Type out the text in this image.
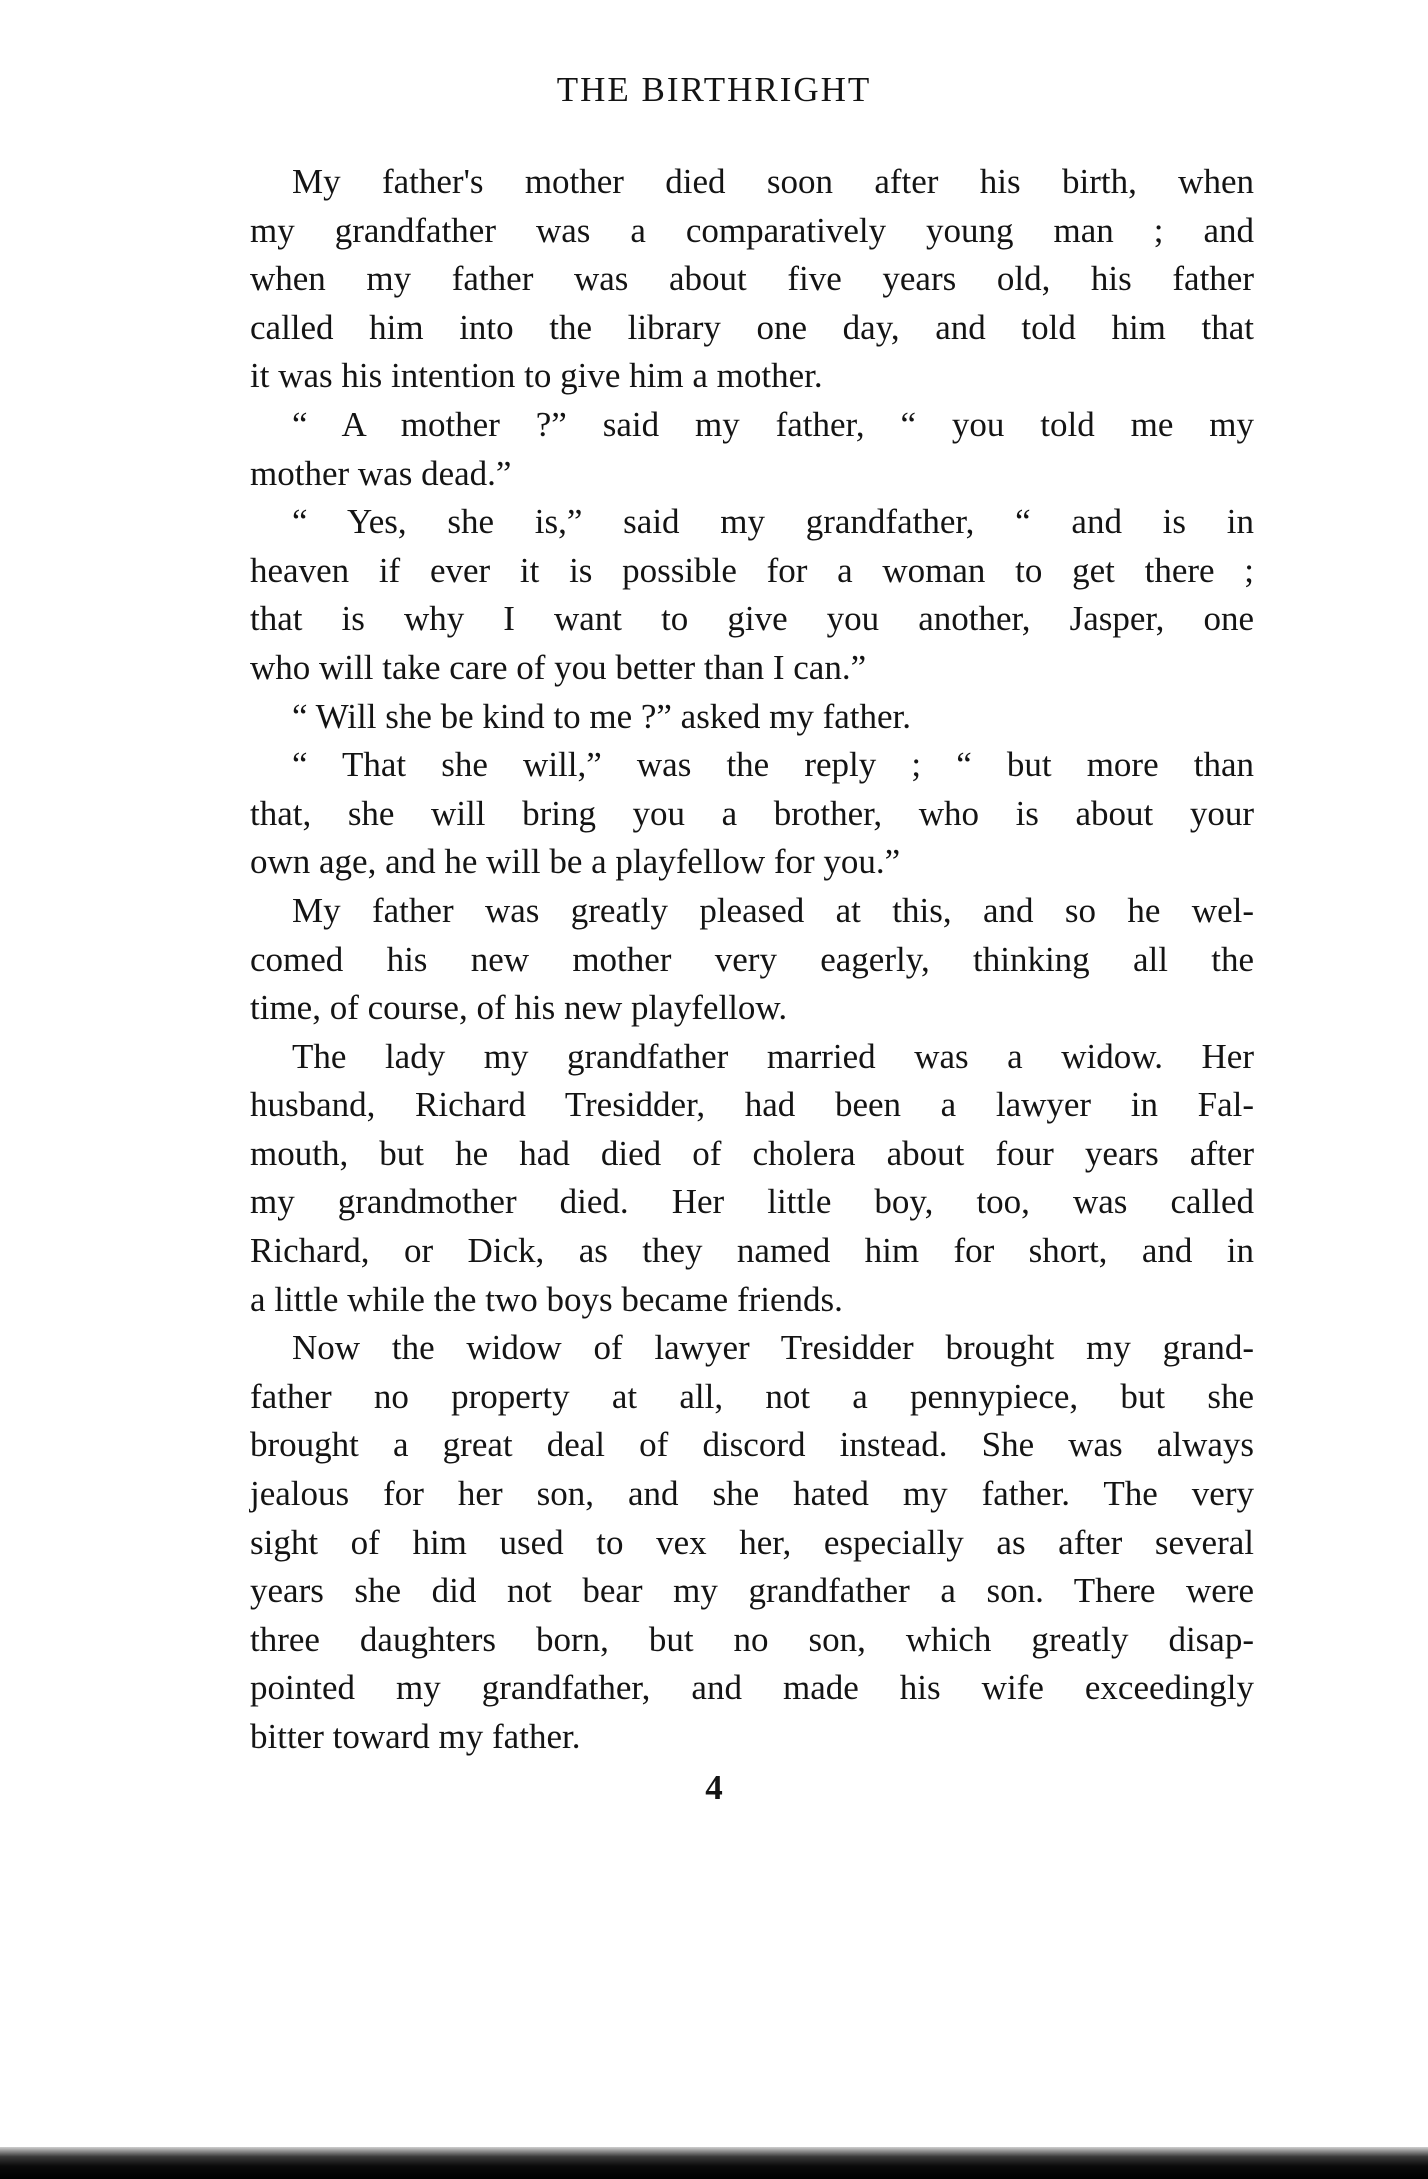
THE BIRTHRIGHT
My father's mother died soon after his birth, when
my grandfather was a comparatively young man ; and
when my father was about five years old, his father
called him into the library one day, and told him that
it was his intention to give him a mother.
“ A mother ?” said my father, “ you told me my
mother was dead.”
“ Yes, she is,” said my grandfather, “ and is in
heaven if ever it is possible for a woman to get there ;
that is why I want to give you another, Jasper, one
who will take care of you better than I can.”
“ Will she be kind to me ?” asked my father.
“ That she will,” was the reply ; “ but more than
that, she will bring you a brother, who is about your
own age, and he will be a playfellow for you.”
My father was greatly pleased at this, and so he wel-
comed his new mother very eagerly, thinking all the
time, of course, of his new playfellow.
The lady my grandfather married was a widow. Her
husband, Richard Tresidder, had been a lawyer in Fal-
mouth, but he had died of cholera about four years after
my grandmother died. Her little boy, too, was called
Richard, or Dick, as they named him for short, and in
a little while the two boys became friends.
Now the widow of lawyer Tresidder brought my grand-
father no property at all, not a pennypiece, but she
brought a great deal of discord instead. She was always
jealous for her son, and she hated my father. The very
sight of him used to vex her, especially as after several
years she did not bear my grandfather a son. There were
three daughters born, but no son, which greatly disap-
pointed my grandfather, and made his wife exceedingly
bitter toward my father.
4
